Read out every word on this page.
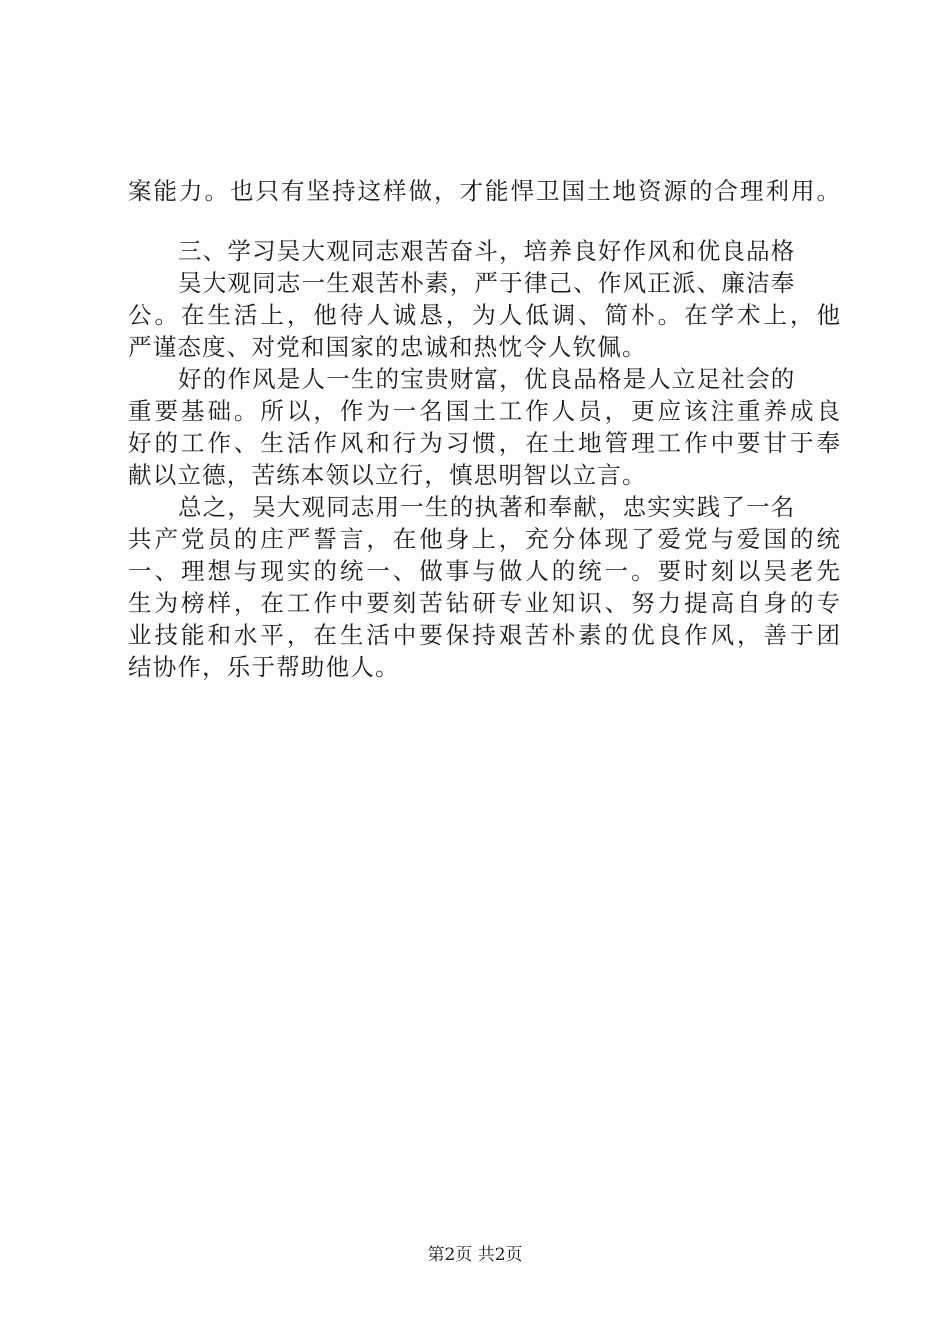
案能力。也只有坚持这样做，才能悍卫国土地资源的合理利用。
三、学习吴大观同志艰苦奋斗，培养良好作风和优良品格
吴大观同志一生艰苦朴素，严于律己、作风正派、廉洁奉
公。在生活上，他待人诚恳，为人低调、简朴。在学术上，他
严谨态度、对党和国家的忠诚和热忱令人钦佩。
好的作风是人一生的宝贵财富，优良品格是人立足社会的
重要基础。所以，作为一名国土工作人员，更应该注重养成良
好的工作、生活作风和行为习惯，在土地管理工作中要甘于奉
献以立德，苦练本领以立行，慎思明智以立言。
总之，吴大观同志用一生的执著和奉献，忠实实践了一名
共产党员的庄严誓言，在他身上，充分体现了爱党与爱国的统
一、理想与现实的统一、做事与做人的统一。要时刻以吴老先
生为榜样，在工作中要刻苦钻研专业知识、努力提高自身的专
业技能和水平，在生活中要保持艰苦朴素的优良作风，善于团
结协作，乐于帮助他人。
第2页 共2页
